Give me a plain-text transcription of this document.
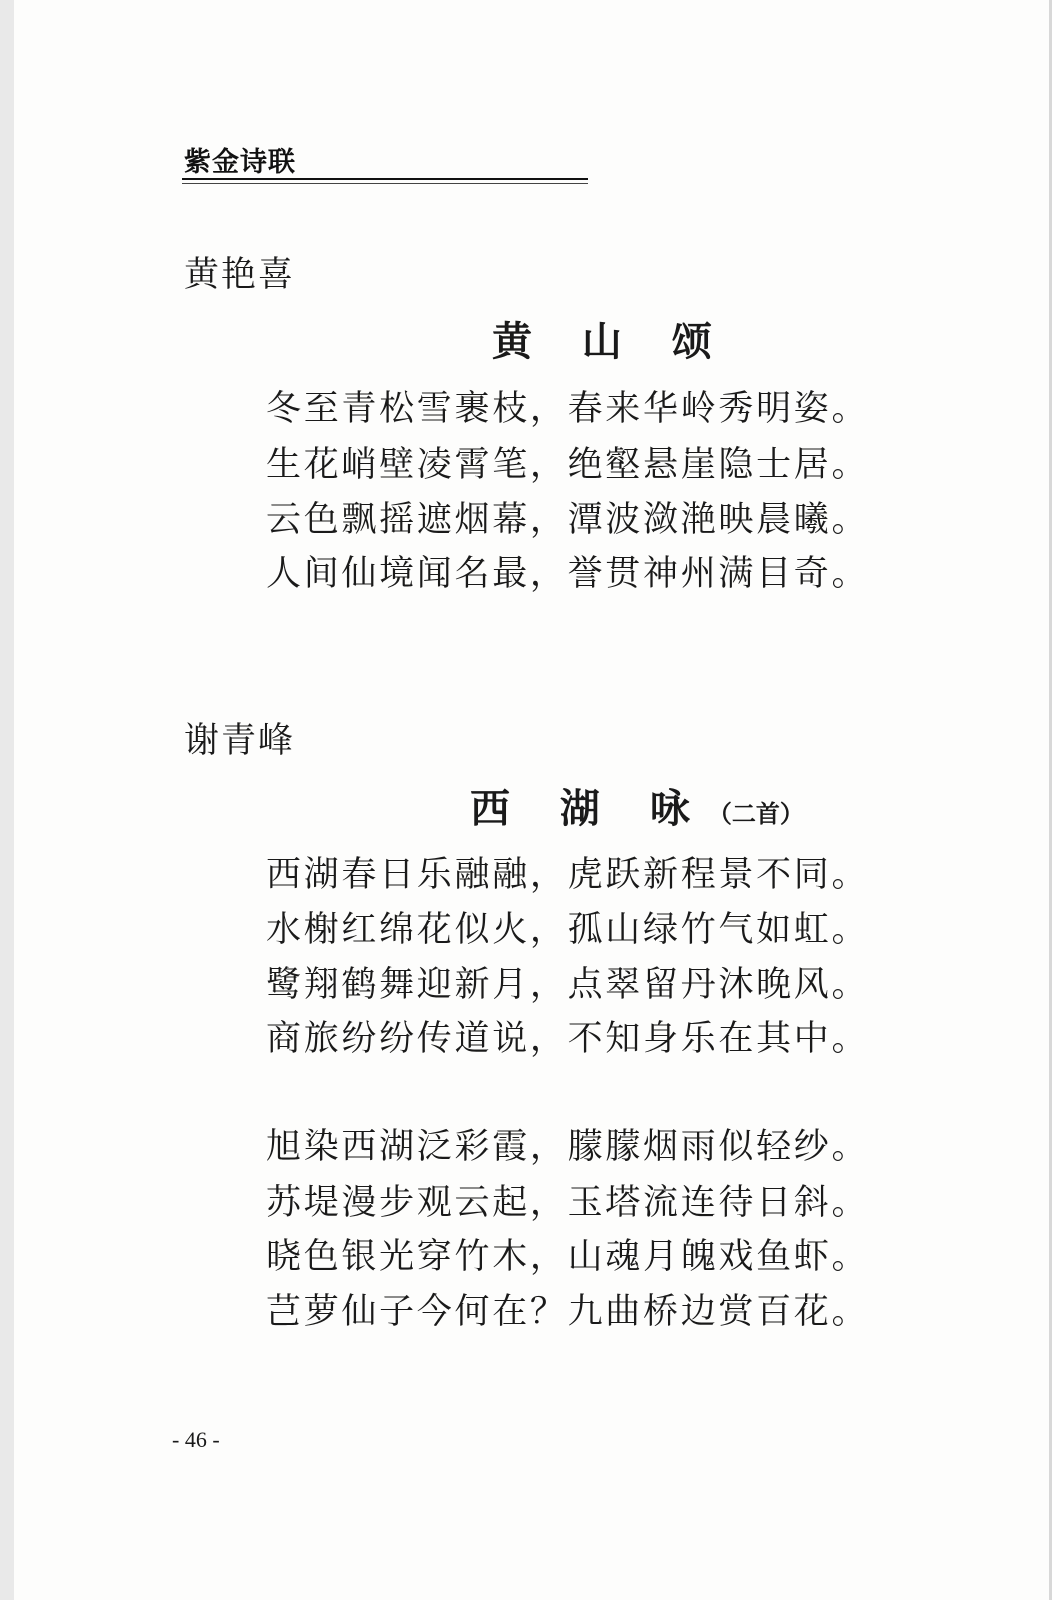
紫金诗联
黄艳喜
黄 山 颂
冬至青松雪裹枝，春来华岭秀明姿。
生花峭壁凌霄笔，绝壑悬崖隐士居。
云色飘摇遮烟幕，潭波潋滟映晨曦。
人间仙境闻名最，誉贯神州满目奇。
谢青峰
西 湖 咏（二首）
西湖春日乐融融，虎跃新程景不同。
水榭红绵花似火，孤山绿竹气如虹。
鹭翔鹤舞迎新月，点翠留丹沐晚风。
商旅纷纷传道说，不知身乐在其中。
旭染西湖泛彩霞，朦朦烟雨似轻纱。
苏堤漫步观云起，玉塔流连待日斜。
晓色银光穿竹木，山魂月魄戏鱼虾。
芑萝仙子今何在？九曲桥边赏百花。
- 46 -
